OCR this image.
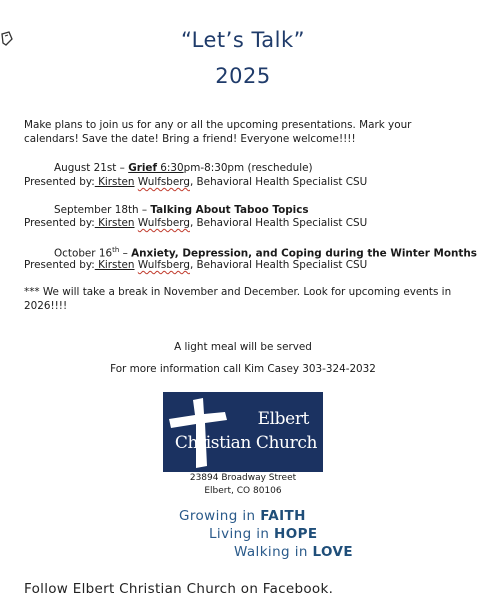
“Let’s Talk”
2025
Make plans to join us for any or all the upcoming presentations. Mark your calendars! Save the date! Bring a friend! Everyone welcome!!!!
August 21st – Grief 6:30pm-8:30pm (reschedule)
Presented by: Kirsten Wulfsberg, Behavioral Health Specialist CSU
September 18th – Talking About Taboo Topics
Presented by: Kirsten Wulfsberg, Behavioral Health Specialist CSU
October 16th – Anxiety, Depression, and Coping during the Winter Months
Presented by: Kirsten Wulfsberg, Behavioral Health Specialist CSU
*** We will take a break in November and December. Look for upcoming events in 2026!!!!
A light meal will be served
For more information call Kim Casey 303-324-2032
Elbert
Christian Church
23894 Broadway Street
Elbert, CO 80106
Growing in FAITH
Living in HOPE
Walking in LOVE
Follow Elbert Christian Church on Facebook.
